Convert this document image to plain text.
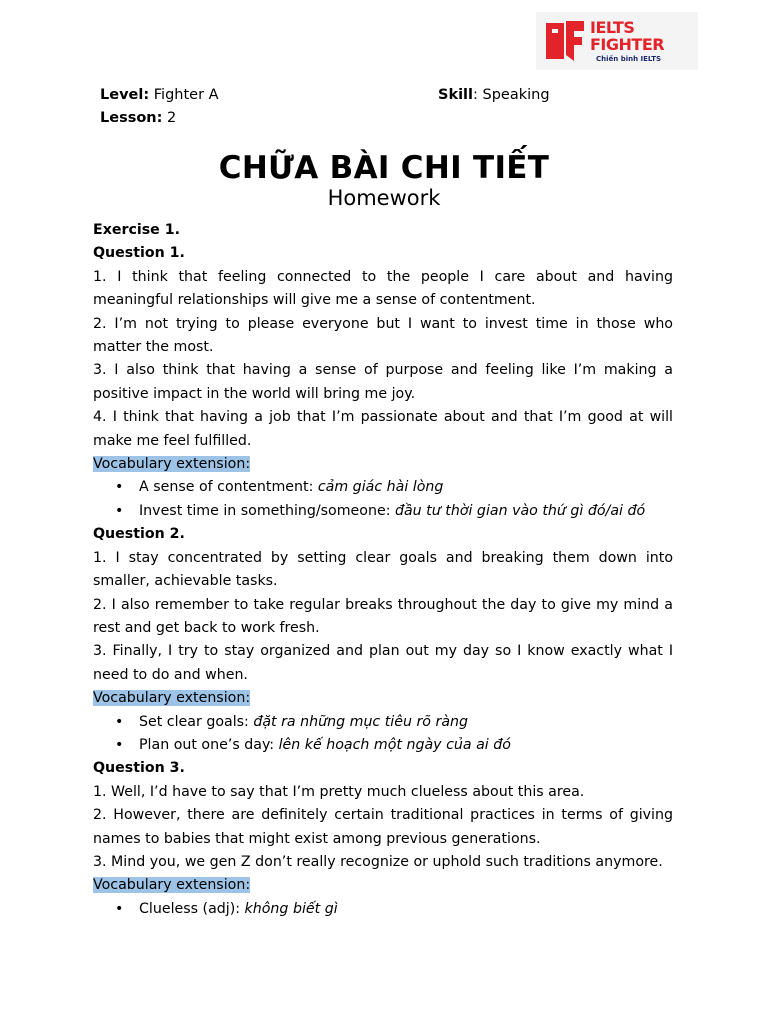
IELTS
FIGHTER
Chiến binh IELTS
Level: Fighter A	Skill: Speaking
Lesson: 2
CHỮA BÀI CHI TIẾT
Homework

Exercise 1.

Question 1.

1. I think that feeling connected to the people I care about and having meaningful relationships will give me a sense of contentment.

2. I’m not trying to please everyone but I want to invest time in those who matter the most.

3. I also think that having a sense of purpose and feeling like I’m making a positive impact in the world will bring me joy.

4. I think that having a job that I’m passionate about and that I’m good at will make me feel fulfilled.

Vocabulary extension:

• A sense of contentment: cảm giác hài lòng

• Invest time in something/someone: đầu tư thời gian vào thứ gì đó/ai đó

Question 2.

1. I stay concentrated by setting clear goals and breaking them down into smaller, achievable tasks.

2. I also remember to take regular breaks throughout the day to give my mind a rest and get back to work fresh.

3. Finally, I try to stay organized and plan out my day so I know exactly what I need to do and when.

Vocabulary extension:

• Set clear goals: đặt ra những mục tiêu rõ ràng

• Plan out one’s day: lên kế hoạch một ngày của ai đó

Question 3.

1. Well, I’d have to say that I’m pretty much clueless about this area.

2. However, there are definitely certain traditional practices in terms of giving names to babies that might exist among previous generations.

3. Mind you, we gen Z don’t really recognize or uphold such traditions anymore.

Vocabulary extension:

• Clueless (adj): không biết gì
